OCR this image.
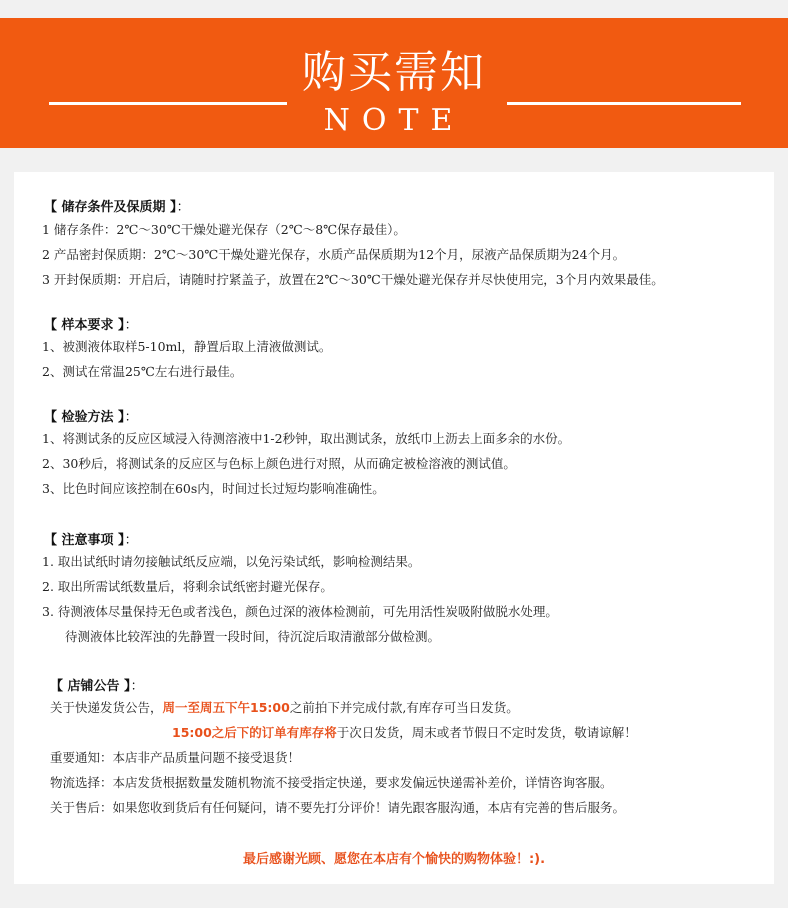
购买需知
NOTE
【 储存条件及保质期 】：
1 储存条件：2℃～30℃干燥处避光保存（2℃～8℃保存最佳）。
2 产品密封保质期：2℃～30℃干燥处避光保存，水质产品保质期为12个月，尿液产品保质期为24个月。
3 开封保质期：开启后，请随时拧紧盖子，放置在2℃～30℃干燥处避光保存并尽快使用完，3个月内效果最佳。
【 样本要求 】：
1、被测液体取样5-10ml，静置后取上清液做测试。
2、测试在常温25℃左右进行最佳。
【 检验方法 】：
1、将测试条的反应区域浸入待测溶液中1-2秒钟，取出测试条，放纸巾上沥去上面多余的水份。
2、30秒后，将测试条的反应区与色标上颜色进行对照，从而确定被检溶液的测试值。
3、比色时间应该控制在60s内，时间过长过短均影响准确性。
【 注意事项 】：
1. 取出试纸时请勿接触试纸反应端，以免污染试纸，影响检测结果。
2. 取出所需试纸数量后，将剩余试纸密封避光保存。
3. 待测液体尽量保持无色或者浅色，颜色过深的液体检测前，可先用活性炭吸附做脱水处理。
待测液体比较浑浊的先静置一段时间，待沉淀后取清澈部分做检测。
【 店铺公告 】：
关于快递发货公告，周一至周五下午15:00之前拍下并完成付款,有库存可当日发货。
15:00之后下的订单有库存将于次日发货，周末或者节假日不定时发货，敬请谅解！
重要通知：本店非产品质量问题不接受退货！
物流选择：本店发货根据数量发随机物流不接受指定快递，要求发偏远快递需补差价，详情咨询客服。
关于售后：如果您收到货后有任何疑问，请不要先打分评价！请先跟客服沟通，本店有完善的售后服务。
最后感谢光顾、愿您在本店有个愉快的购物体验！:).
